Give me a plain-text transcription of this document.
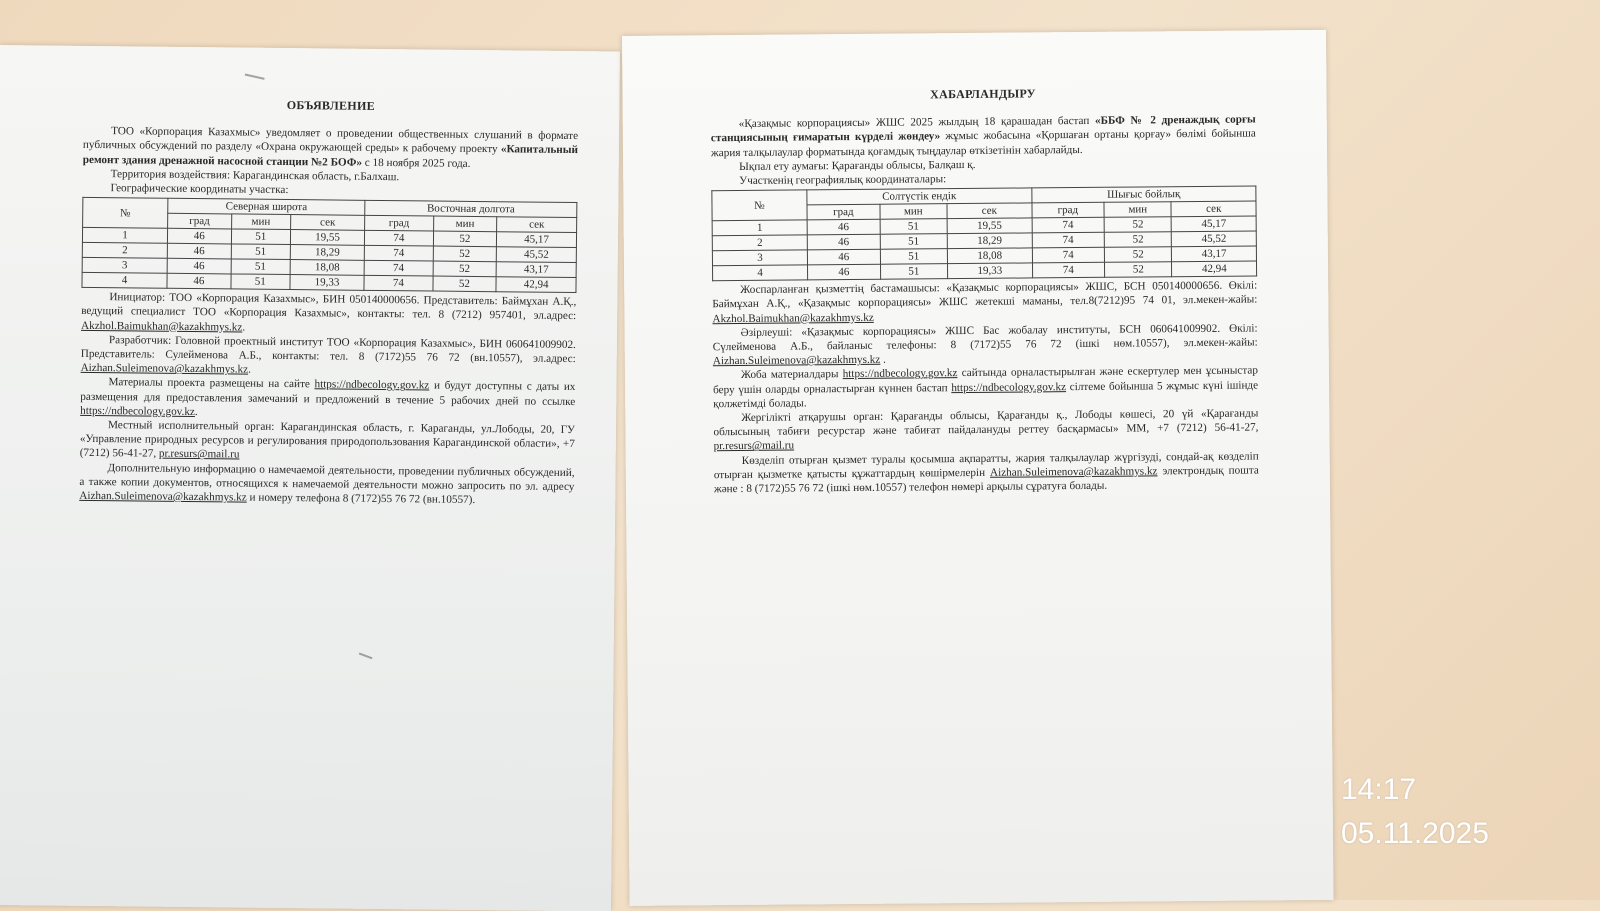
ОБЪЯВЛЕНИЕ

ТОО «Корпорация Казахмыс» уведомляет о проведении общественных слушаний в формате публичных обсуждений по разделу «Охрана окружающей среды» к рабочему проекту «Капитальный ремонт здания дренажной насосной станции №2 БОФ» с 18 ноября 2025 года.

Территория воздействия: Карагандинская область, г.Балхаш.

Географические координаты участка:

№	Северная широта			Восточная долгота		
	град	мин	сек	град	мин	сек
1	46	51	19,55	74	52	45,17
2	46	51	18,29	74	52	45,52
3	46	51	18,08	74	52	43,17
4	46	51	19,33	74	52	42,94

Инициатор: ТОО «Корпорация Казахмыс», БИН 050140000656. Представитель: Баймұхан А.Қ., ведущий специалист ТОО «Корпорация Казахмыс», контакты: тел. 8 (7212) 957401, эл.адрес: Akzhol.Baimukhan@kazakhmys.kz.

Разработчик: Головной проектный институт ТОО «Корпорация Казахмыс», БИН 060641009902. Представитель: Сулейменова А.Б., контакты: тел. 8 (7172)55 76 72 (вн.10557), эл.адрес: Aizhan.Suleimenova@kazakhmys.kz.

Материалы проекта размещены на сайте https://ndbecology.gov.kz и будут доступны с даты их размещения для предоставления замечаний и предложений в течение 5 рабочих дней по ссылке https://ndbecology.gov.kz.

Местный исполнительный орган: Карагандинская область, г. Караганды, ул.Лободы, 20, ГУ «Управление природных ресурсов и регулирования природопользования Карагандинской области», +7 (7212) 56-41-27, pr.resurs@mail.ru

Дополнительную информацию о намечаемой деятельности, проведении публичных обсуждений, а также копии документов, относящихся к намечаемой деятельности можно запросить по эл. адресу Aizhan.Suleimenova@kazakhmys.kz и номеру телефона 8 (7172)55 76 72 (вн.10557).

ХАБАРЛАНДЫРУ

«Қазақмыс корпорациясы» ЖШС 2025 жылдың 18 қарашадан бастап «ББФ № 2 дренаждық сорғы станциясының ғимаратын күрделі жөндеу» жұмыс жобасына «Қоршаған ортаны қорғау» бөлімі бойынша жария талқылаулар форматында қоғамдық тыңдаулар өткізетінін хабарлайды.

Ықпал ету аумағы: Қарағанды облысы, Балқаш қ.

Участкенің географиялық координаталары:

№	Солтүстік ендік			Шығыс бойлық		
	град	мин	сек	град	мин	сек
1	46	51	19,55	74	52	45,17
2	46	51	18,29	74	52	45,52
3	46	51	18,08	74	52	43,17
4	46	51	19,33	74	52	42,94

Жоспарланған қызметтің бастамашысы: «Қазақмыс корпорациясы» ЖШС, БСН 050140000656. Өкілі: Баймұхан А.Қ., «Қазақмыс корпорациясы» ЖШС жетекші маманы, тел.8(7212)95 74 01, эл.мекен-жайы: Akzhol.Baimukhan@kazakhmys.kz

Әзірлеуші: «Қазақмыс корпорациясы» ЖШС Бас жобалау институты, БСН 060641009902. Өкілі: Сүлейменова А.Б., байланыс телефоны: 8 (7172)55 76 72 (ішкі нөм.10557), эл.мекен-жайы: Aizhan.Suleimenova@kazakhmys.kz .

Жоба материалдары https://ndbecology.gov.kz сайтында орналастырылған және ескертулер мен ұсыныстар беру үшін оларды орналастырған күннен бастап https://ndbecology.gov.kz сілтеме бойынша 5 жұмыс күні ішінде қолжетімді болады.

Жергілікті атқарушы орган: Қарағанды облысы, Қарағанды қ., Лободы көшесі, 20 үй «Қарағанды облысының табиғи ресурстар және табиғат пайдалануды реттеу басқармасы» ММ, +7 (7212) 56-41-27, pr.resurs@mail.ru

Көзделіп отырған қызмет туралы қосымша ақпаратты, жария талқылаулар жүргізуді, сондай-ақ көзделіп отырған қызметке қатысты құжаттардың көшірмелерін Aizhan.Suleimenova@kazakhmys.kz электрондық пошта және : 8 (7172)55 76 72 (ішкі нөм.10557) телефон нөмері арқылы сұратуға болады.

14:17
05.11.2025
